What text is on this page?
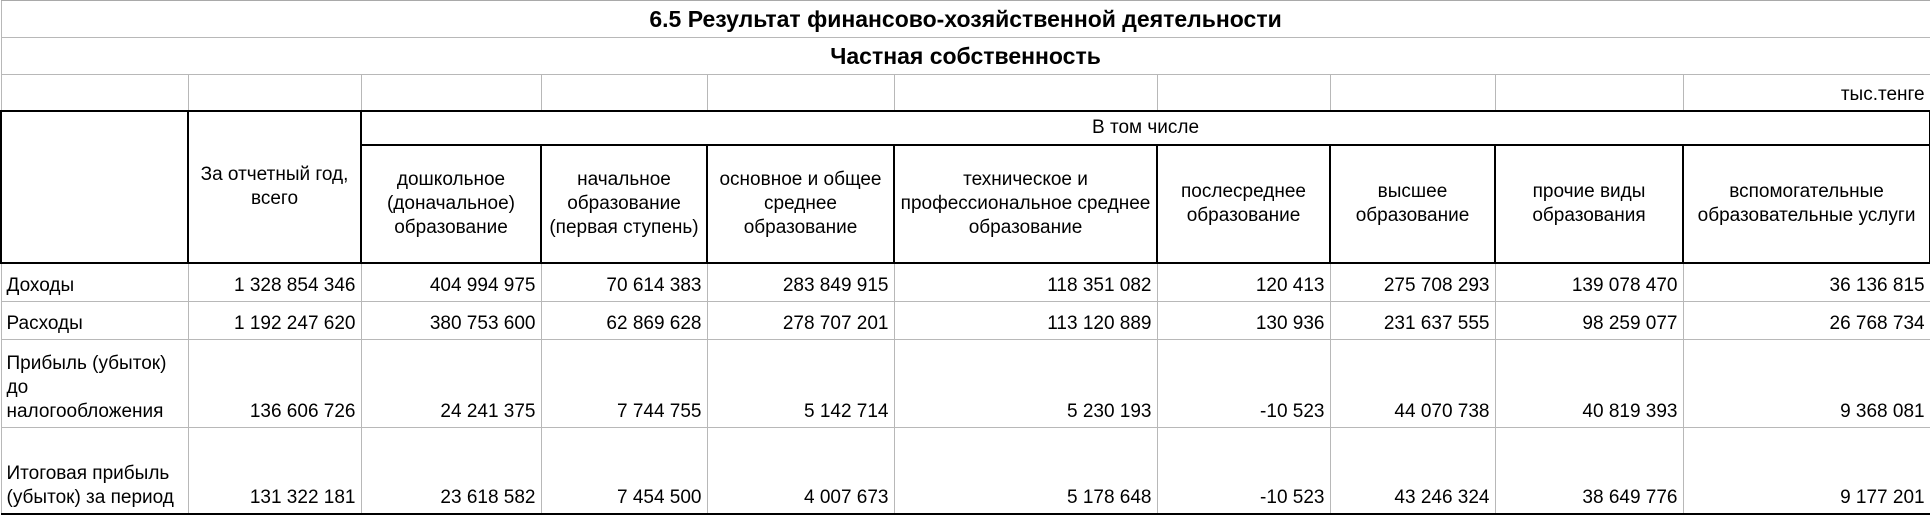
6.5 Результат финансово-хозяйственной деятельности									
Частная собственность									
									тыс.тенге
	За отчетный год, всего	В том числе							
		дошкольное (доначальное) образование	начальное образование (первая ступень)	основное и общее среднее образование	техническое и профессиональное среднее образование	послесреднее образование	высшее образование	прочие виды образования	вспомогательные образовательные услуги
Доходы	1 328 854 346	404 994 975	70 614 383	283 849 915	118 351 082	120 413	275 708 293	139 078 470	36 136 815
Расходы	1 192 247 620	380 753 600	62 869 628	278 707 201	113 120 889	130 936	231 637 555	98 259 077	26 768 734
Прибыль (убыток) до налогообложения	136 606 726	24 241 375	7 744 755	5 142 714	5 230 193	-10 523	44 070 738	40 819 393	9 368 081
Итоговая прибыль (убыток) за период	131 322 181	23 618 582	7 454 500	4 007 673	5 178 648	-10 523	43 246 324	38 649 776	9 177 201
